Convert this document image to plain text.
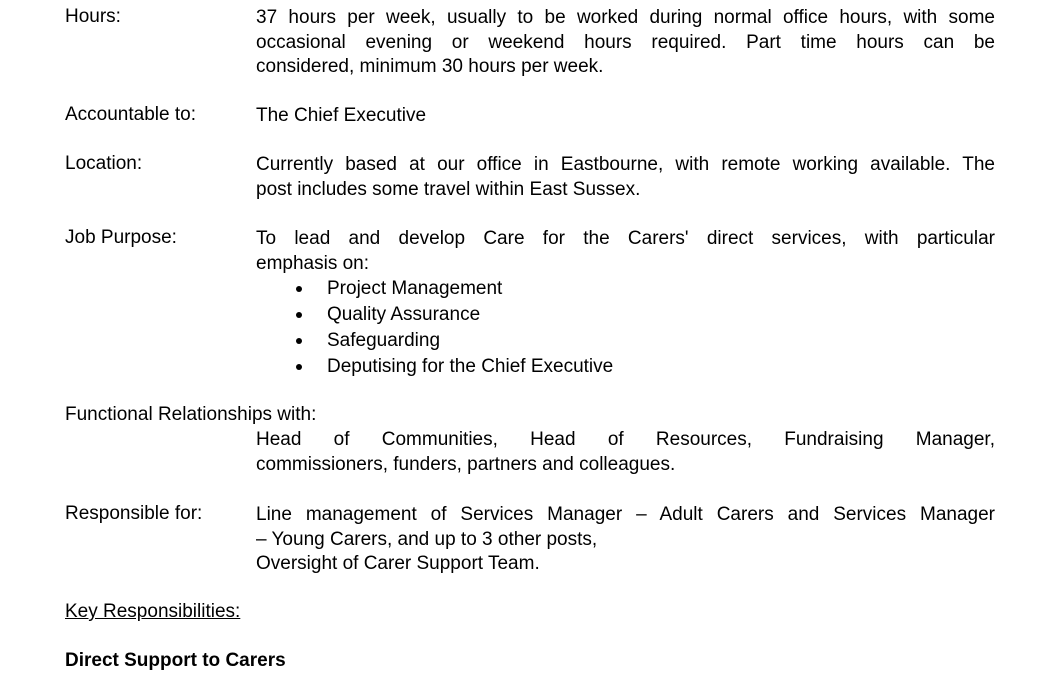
Hours:	37 hours per week, usually to be worked during normal office hours, with some
occasional evening or weekend hours required. Part time hours can be
considered, minimum 30 hours per week.
Accountable to:	The Chief Executive
Location:	Currently based at our office in Eastbourne, with remote working available. The
post includes some travel within East Sussex.
Job Purpose:	To lead and develop Care for the Carers' direct services, with particular
emphasis on:
Project Management
Quality Assurance
Safeguarding
Deputising for the Chief Executive
Functional Relationships with:
Head of Communities, Head of Resources, Fundraising Manager,
commissioners, funders, partners and colleagues.
Responsible for:	Line management of Services Manager – Adult Carers and Services Manager
– Young Carers, and up to 3 other posts,
Oversight of Carer Support Team.
Key Responsibilities:
Direct Support to Carers
